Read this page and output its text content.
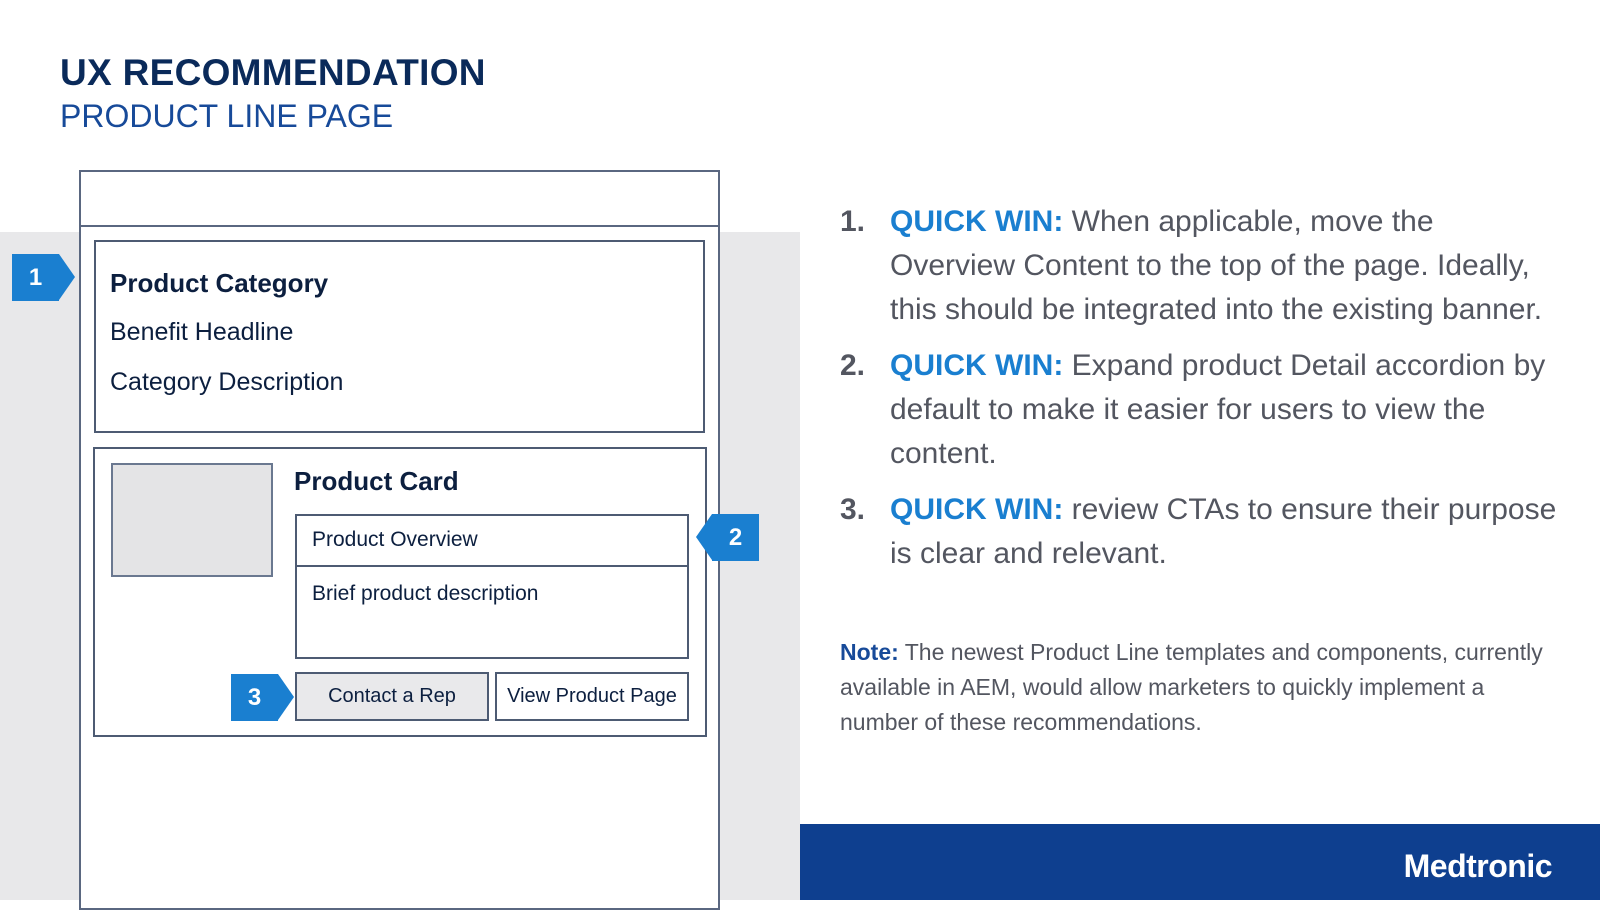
UX RECOMMENDATION
PRODUCT LINE PAGE
Product Category
Benefit Headline
Category Description
Product Card
Product Overview
Brief product description
Contact a Rep	View Product Page
1
2
3
1. QUICK WIN: When applicable, move the Overview Content to the top of the page. Ideally, this should be integrated into the existing banner.
2. QUICK WIN: Expand product Detail accordion by default to make it easier for users to view the content.
3. QUICK WIN: review CTAs to ensure their purpose is clear and relevant.
Note: The newest Product Line templates and components, currently available in AEM, would allow marketers to quickly implement a number of these recommendations.
Medtronic
